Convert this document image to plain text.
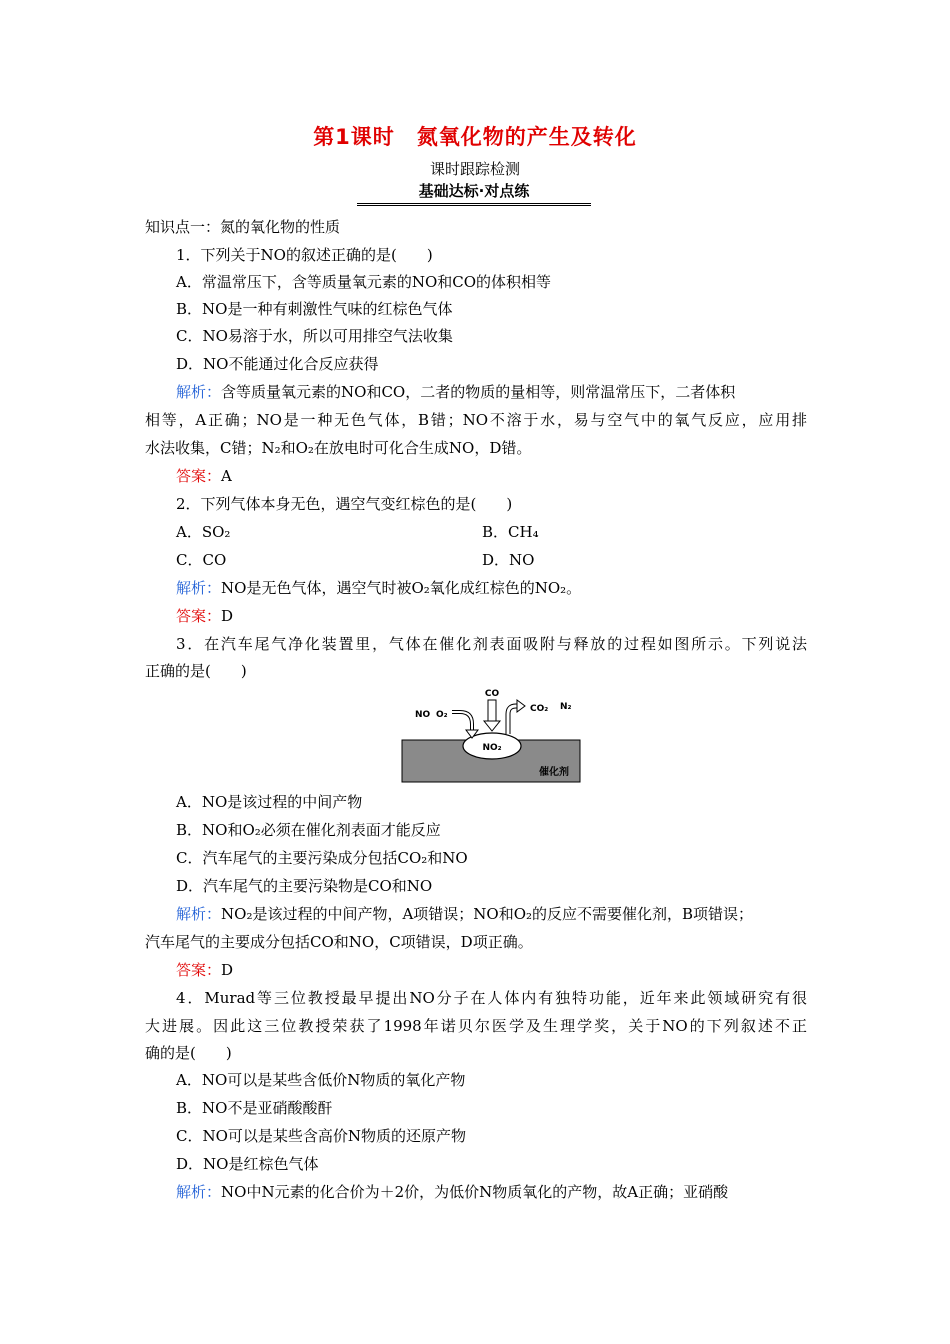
第1课时　氮氧化物的产生及转化
课时跟踪检测
基础达标·对点练
知识点一：氮的氧化物的性质
1．下列关于NO的叙述正确的是(　　)
A．常温常压下，含等质量氧元素的NO和CO的体积相等
B．NO是一种有刺激性气味的红棕色气体
C．NO易溶于水，所以可用排空气法收集
D．NO不能通过化合反应获得
解析：含等质量氧元素的NO和CO，二者的物质的量相等，则常温常压下，二者体积
相等，A正确；NO是一种无色气体，B错；NO不溶于水，易与空气中的氧气反应，应用排
水法收集，C错；N₂和O₂在放电时可化合生成NO，D错。
答案：A
2．下列气体本身无色，遇空气变红棕色的是(　　)
A．SO₂	B．CH₄
C．CO	D．NO
解析：NO是无色气体，遇空气时被O₂氧化成红棕色的NO₂。
答案：D
3．在汽车尾气净化装置里，气体在催化剂表面吸附与释放的过程如图所示。下列说法
正确的是(　　)
NO₂
催化剂
NO O₂
CO
CO₂ N₂
A．NO是该过程的中间产物
B．NO和O₂必须在催化剂表面才能反应
C．汽车尾气的主要污染成分包括CO₂和NO
D．汽车尾气的主要污染物是CO和NO
解析：NO₂是该过程的中间产物，A项错误；NO和O₂的反应不需要催化剂，B项错误；
汽车尾气的主要成分包括CO和NO，C项错误，D项正确。
答案：D
4．Murad等三位教授最早提出NO分子在人体内有独特功能，近年来此领域研究有很
大进展。因此这三位教授荣获了1998年诺贝尔医学及生理学奖，关于NO的下列叙述不正
确的是(　　)
A．NO可以是某些含低价N物质的氧化产物
B．NO不是亚硝酸酸酐
C．NO可以是某些含高价N物质的还原产物
D．NO是红棕色气体
解析：NO中N元素的化合价为＋2价，为低价N物质氧化的产物，故A正确；亚硝酸
